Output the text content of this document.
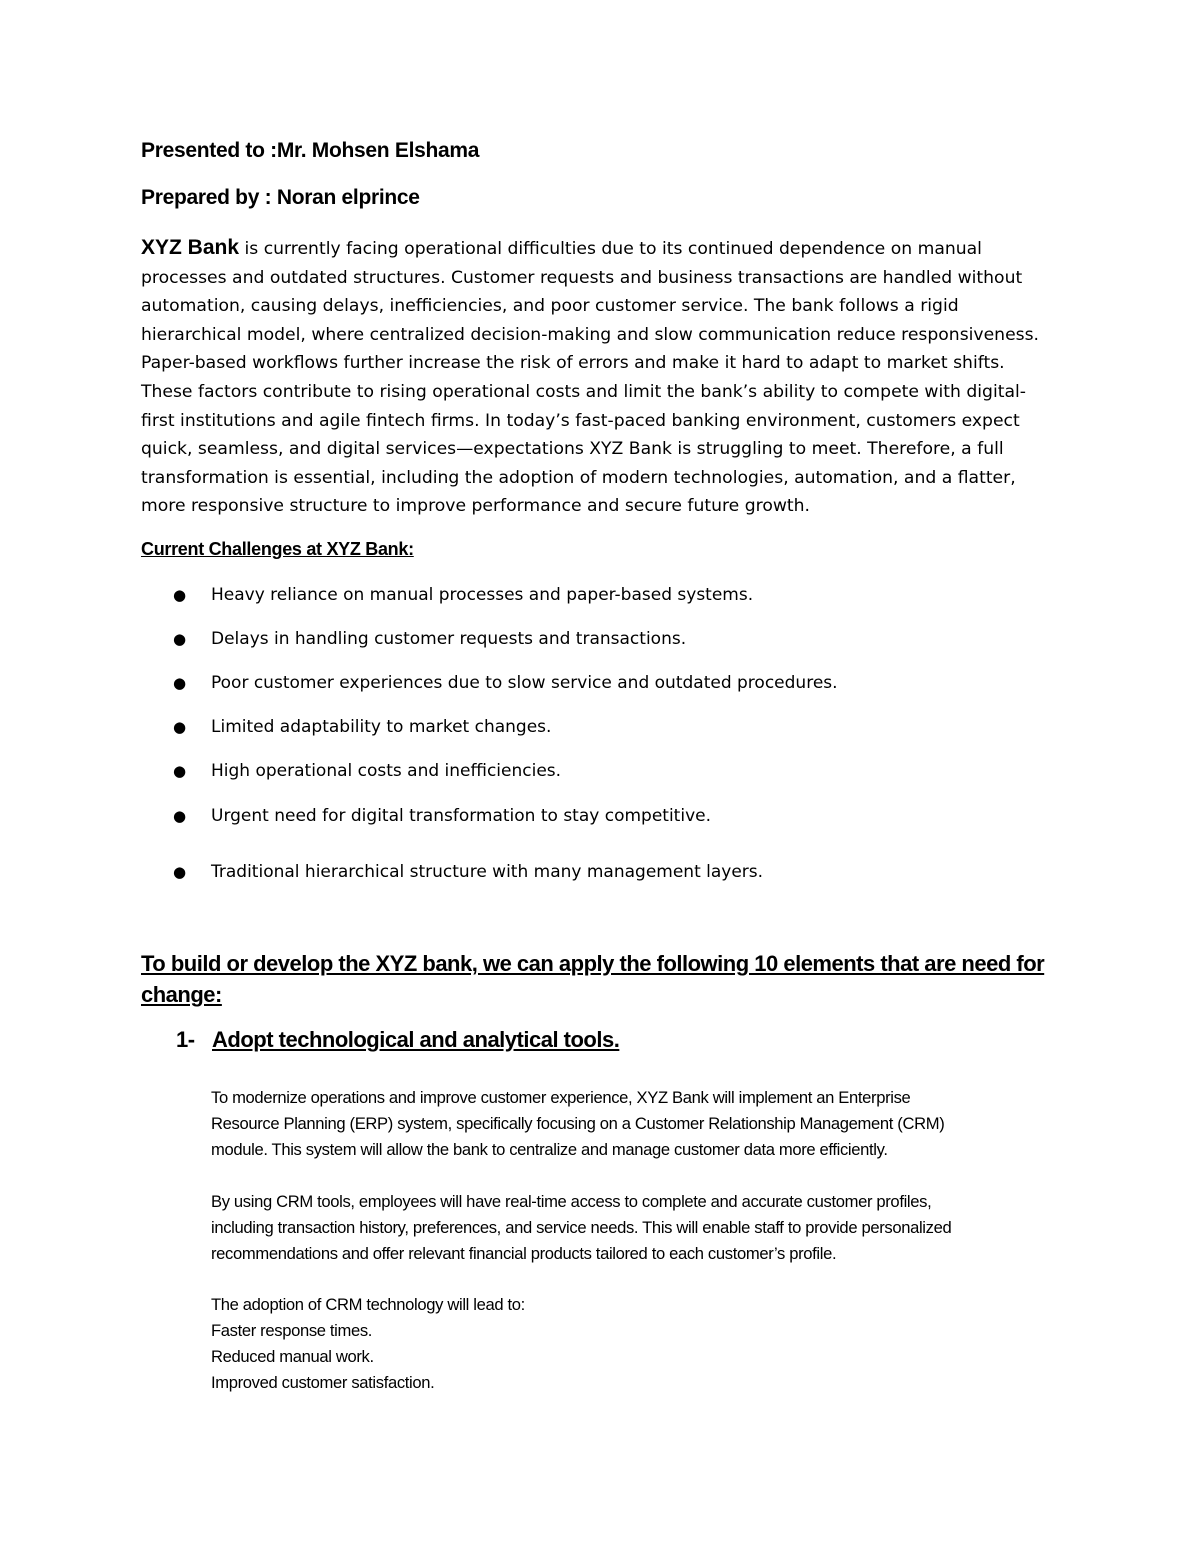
Presented to :Mr. Mohsen Elshama
Prepared by : Noran elprince
XYZ Bank is currently facing operational difficulties due to its continued dependence on manual
processes and outdated structures. Customer requests and business transactions are handled without
automation, causing delays, inefficiencies, and poor customer service. The bank follows a rigid
hierarchical model, where centralized decision-making and slow communication reduce responsiveness.
Paper-based workflows further increase the risk of errors and make it hard to adapt to market shifts.
These factors contribute to rising operational costs and limit the bank’s ability to compete with digital-
first institutions and agile fintech firms. In today’s fast-paced banking environment, customers expect
quick, seamless, and digital services—expectations XYZ Bank is struggling to meet. Therefore, a full
transformation is essential, including the adoption of modern technologies, automation, and a flatter,
more responsive structure to improve performance and secure future growth.
Current Challenges at XYZ Bank:
● Heavy reliance on manual processes and paper-based systems.
● Delays in handling customer requests and transactions.
● Poor customer experiences due to slow service and outdated procedures.
● Limited adaptability to market changes.
● High operational costs and inefficiencies.
● Urgent need for digital transformation to stay competitive.
● Traditional hierarchical structure with many management layers.
To build or develop the XYZ bank, we can apply the following 10 elements that are need for change:
1- Adopt technological and analytical tools.
To modernize operations and improve customer experience, XYZ Bank will implement an Enterprise
Resource Planning (ERP) system, specifically focusing on a Customer Relationship Management (CRM)
module. This system will allow the bank to centralize and manage customer data more efficiently.
By using CRM tools, employees will have real-time access to complete and accurate customer profiles,
including transaction history, preferences, and service needs. This will enable staff to provide personalized
recommendations and offer relevant financial products tailored to each customer’s profile.
The adoption of CRM technology will lead to:
Faster response times.
Reduced manual work.
Improved customer satisfaction.
